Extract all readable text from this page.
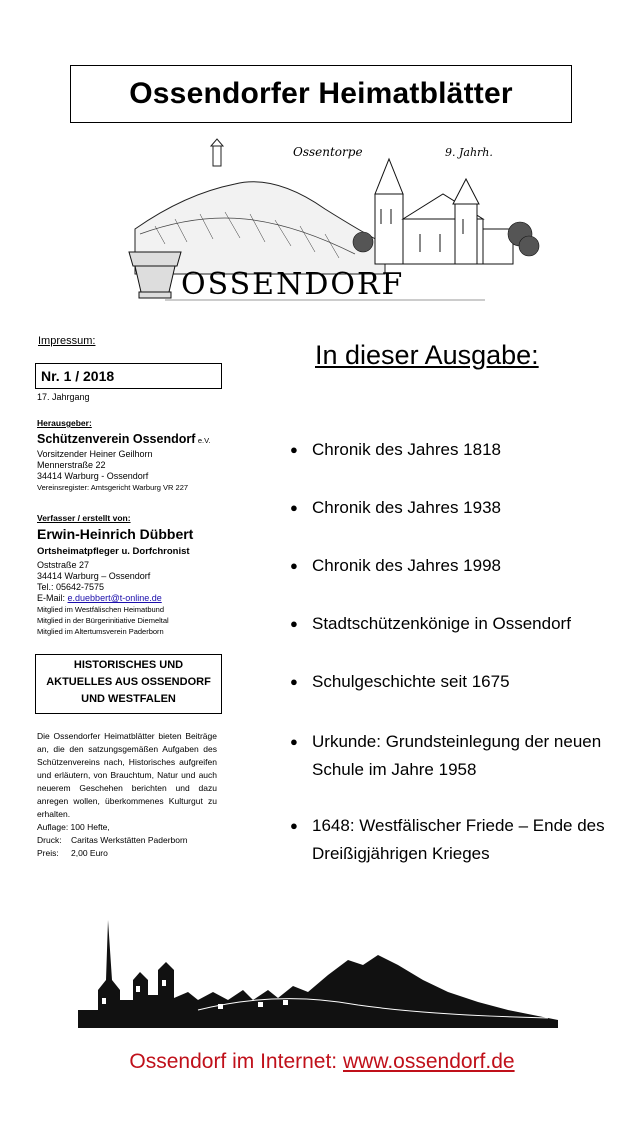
Ossendorfer Heimatblätter
Ossentorpe	9. Jahrh.
OSSENDORF
Impressum:
Nr. 1 / 2018
17. Jahrgang
Herausgeber:
Schützenverein Ossendorf e.V.
Vorsitzender Heiner Geilhorn
Mennerstraße 22
34414 Warburg - Ossendorf
Vereinsregister: Amtsgericht Warburg VR 227
Verfasser / erstellt von:
Erwin-Heinrich Dübbert
Ortsheimatpfleger u. Dorfchronist
Oststraße 27
34414 Warburg – Ossendorf
Tel.: 05642-7575
E-Mail: e.duebbert@t-online.de
Mitglied im Westfälischen Heimatbund
Mitglied in der Bürgerinitiative Diemeltal
Mitglied im Altertumsverein Paderborn
HISTORISCHES UND
AKTUELLES AUS OSSENDORF
UND WESTFALEN
Die Ossendorfer Heimatblätter bieten Beiträge an, die den satzungsgemäßen Aufgaben des Schützenvereins nach, Historisches aufgreifen und erläutern, von Brauchtum, Natur und auch neuerem Geschehen berichten und dazu anregen wollen, überkommenes Kulturgut zu erhalten.
Auflage: 100 Hefte,
Druck: Caritas Werkstätten Paderborn
Preis: 2,00 Euro
In dieser Ausgabe:
● Chronik des Jahres 1818
● Chronik des Jahres 1938
● Chronik des Jahres 1998
● Stadtschützenkönige in Ossendorf
● Schulgeschichte seit 1675
● Urkunde: Grundsteinlegung der neuen
Schule im Jahre 1958
● 1648: Westfälischer Friede – Ende des
Dreißigjährigen Krieges
Ossendorf im Internet: www.ossendorf.de
